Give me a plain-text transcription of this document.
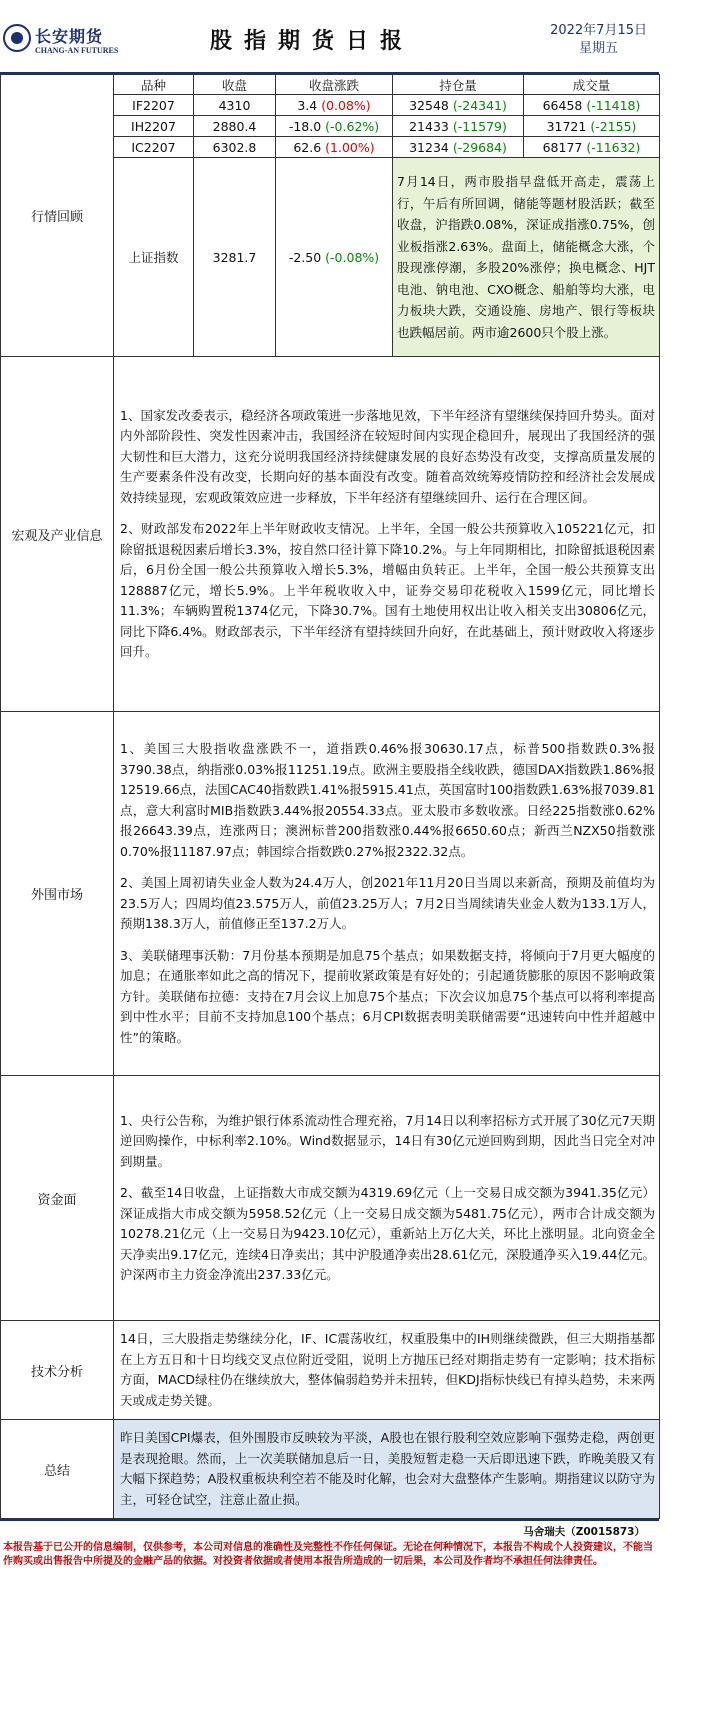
长安期货
CHANG-AN FUTURES	股指期货日报	2022年7月15日
星期五
行情回顾	品种	收盘	收盘涨跌	持仓量	成交量
	IF2207	4310	3.4 (0.08%)	32548 (-24341)	66458 (-11418)
	IH2207	2880.4	-18.0 (-0.62%)	21433 (-11579)	31721 (-2155)
	IC2207	6302.8	62.6 (1.00%)	31234 (-29684)	68177 (-11632)
	上证指数	3281.7	-2.50 (-0.08%)	7月14日，两市股指早盘低开高走，震荡上行，午后有所回调，储能等题材股活跃；截至收盘，沪指跌0.08%，深证成指涨0.75%，创业板指涨2.63%。盘面上，储能概念大涨，个股现涨停潮，多股20%涨停；换电概念、HJT电池、钠电池、CXO概念、船舶等均大涨，电力板块大跌，交通设施、房地产、银行等板块也跌幅居前。两市逾2600只个股上涨。	
宏观及产业信息	1、国家发改委表示，稳经济各项政策进一步落地见效，下半年经济有望继续保持回升势头。面对内外部阶段性、突发性因素冲击，我国经济在较短时间内实现企稳回升，展现出了我国经济的强大韧性和巨大潜力，这充分说明我国经济持续健康发展的良好态势没有改变，支撑高质量发展的生产要素条件没有改变，长期向好的基本面没有改变。随着高效统筹疫情防控和经济社会发展成效持续显现，宏观政策效应进一步释放，下半年经济有望继续回升、运行在合理区间。

2、财政部发布2022年上半年财政收支情况。上半年，全国一般公共预算收入105221亿元，扣除留抵退税因素后增长3.3%，按自然口径计算下降10.2%。与上年同期相比，扣除留抵退税因素后，6月份全国一般公共预算收入增长5.3%，增幅由负转正。上半年，全国一般公共预算支出128887亿元，增长5.9%。上半年税收收入中，证券交易印花税收入1599亿元，同比增长11.3%；车辆购置税1374亿元，下降30.7%。国有土地使用权出让收入相关支出30806亿元，同比下降6.4%。财政部表示，下半年经济有望持续回升向好，在此基础上，预计财政收入将逐步回升。				

外围市场	1、美国三大股指收盘涨跌不一，道指跌0.46%报30630.17点，标普500指数跌0.3%报3790.38点，纳指涨0.03%报11251.19点。欧洲主要股指全线收跌，德国DAX指数跌1.86%报12519.66点，法国CAC40指数跌1.41%报5915.41点，英国富时100指数跌1.63%报7039.81点，意大利富时MIB指数跌3.44%报20554.33点。亚太股市多数收涨。日经225指数涨0.62%报26643.39点，连涨两日；澳洲标普200指数涨0.44%报6650.60点；新西兰NZX50指数涨0.70%报11187.97点；韩国综合指数跌0.27%报2322.32点。

2、美国上周初请失业金人数为24.4万人，创2021年11月20日当周以来新高，预期及前值均为23.5万人；四周均值23.575万人，前值23.25万人；7月2日当周续请失业金人数为133.1万人，预期138.3万人，前值修正至137.2万人。

3、美联储理事沃勒：7月份基本预期是加息75个基点；如果数据支持，将倾向于7月更大幅度的加息；在通胀率如此之高的情况下，提前收紧政策是有好处的；引起通货膨胀的原因不影响政策方针。美联储布拉德：支持在7月会议上加息75个基点；下次会议加息75个基点可以将利率提高到中性水平；目前不支持加息100个基点；6月CPI数据表明美联储需要“迅速转向中性并超越中性”的策略。				

资金面	1、央行公告称，为维护银行体系流动性合理充裕，7月14日以利率招标方式开展了30亿元7天期逆回购操作，中标利率2.10%。Wind数据显示，14日有30亿元逆回购到期，因此当日完全对冲到期量。

2、截至14日收盘，上证指数大市成交额为4319.69亿元（上一交易日成交额为3941.35亿元）深证成指大市成交额为5958.52亿元（上一交易日成交额为5481.75亿元），两市合计成交额为10278.21亿元（上一交易日为9423.10亿元），重新站上万亿大关，环比上涨明显。北向资金全天净卖出9.17亿元，连续4日净卖出；其中沪股通净卖出28.61亿元，深股通净买入19.44亿元。沪深两市主力资金净流出237.33亿元。				

技术分析	14日，三大股指走势继续分化，IF、IC震荡收红，权重股集中的IH则继续微跌，但三大期指基都在上方五日和十日均线交叉点位附近受阻，说明上方抛压已经对期指走势有一定影响；技术指标方面，MACD绿柱仍在继续放大，整体偏弱趋势并未扭转，但KDJ指标快线已有掉头趋势，未来两天或成走势关键。				
总结	昨日美国CPI爆表，但外围股市反映较为平淡，A股也在银行股利空效应影响下强势走稳，两创更是表现抢眼。然而，上一次美联储加息后一日，美股短暂走稳一天后即迅速下跌，昨晚美股又有大幅下探趋势；A股权重板块利空若不能及时化解，也会对大盘整体产生影响。期指建议以防守为主，可轻仓试空，注意止盈止损。				
马舍瑞夫（Z0015873）
本报告基于已公开的信息编制，仅供参考，本公司对信息的准确性及完整性不作任何保证。无论在何种情况下，本报告不构成个人投资建议，不能当作购买或出售报告中所提及的金融产品的依据。对投资者依据或者使用本报告所造成的一切后果，本公司及作者均不承担任何法律责任。
